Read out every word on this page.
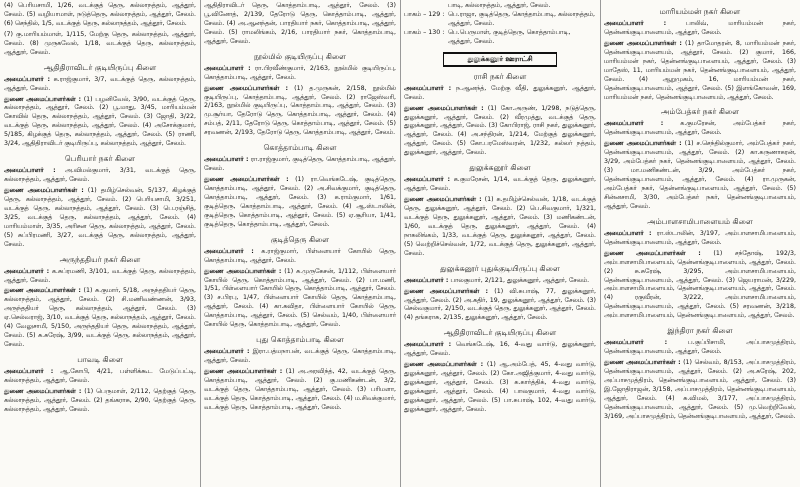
(4) பெரியசாமி, 1/26, வடக்குத் தெரு, கல்லாநத்தம், ஆத்தூர், சேலம். (5) வழியாமாள், நடுத்தெரு, கல்லாநத்தம், ஆத்தூர், சேலம். (6) செந்தில், 1/5, வடக்குத் தெரு, கல்லாநத்தம், ஆத்தூர், சேலம்.

(7) கு.மாரியம்மாள், 1/115, மேற்கு தெரு, கல்லாநத்தம், ஆத்தூர், சேலம். (8) முருகவேல், 1/18, வடக்குத் தெரு, கல்லாநத்தம், ஆத்தூர், சேலம்.

ஆதிதிராவிடர் குடியிருப்பு கிளை

அமைப்பாளர் : க.ராஜ்குமார், 3/7, வடக்குத் தெரு, கல்லாநத்தம், ஆத்தூர், சேலம்.

துணை அமைப்பாளர்கள் : (1) பழனிவேல், 3/90, வடக்குத் தெரு, கல்லாநத்தம், ஆத்தூர், சேலம். (2) பூ.மாது, 3/45, மாரியம்மன் கோவில் தெரு, கல்லாநத்தம், ஆத்தூர், சேலம். (3) ஜோதி, 3/22, வடக்குத் தெரு, கல்லாநத்தம், ஆத்தூர், சேலம். (4) அசோக்குமார், 5/185, கிழக்குத் தெரு, கல்லாநத்தம், ஆத்தூர், சேலம். (5) ராணி, 3/24, ஆதிதிராவிடர் குடியிருப்பு, கல்லாநத்தம், ஆத்தூர், சேலம்.

பெரியார் நகர் கிளை

அமைப்பாளர் : அ.விமல்குமார், 3/31, வடக்குத் தெரு, கல்லாநத்தம், ஆத்தூர், சேலம்.

துணை அமைப்பாளர்கள் : (1) தமிழ்செல்வன், 5/137, கிழக்குத் தெரு, கல்லாநத்தம், ஆத்தூர், சேலம். (2) பெரியசாமி, 3/251, வடக்குத் தெரு, கல்லாநத்தம், ஆத்தூர், சேலம். (3) பெ.ரஞ்சித், 3/25, வடக்குத் தெரு, கல்லாநத்தம், ஆத்தூர், சேலம். (4) மாரியம்மாள், 3/35, அரிசன தெரு, கல்லாநத்தம், ஆத்தூர், சேலம். (5) சுப்பிரமணி, 3/27, வடக்குத் தெரு, கல்லாநத்தம், ஆத்தூர், சேலம்.

அருந்ததியர் நகர் கிளை

அமைப்பாளர் : க.சுப்ரமணி, 3/101, வடக்குத் தெரு, கல்லாநத்தம், ஆத்தூர், சேலம்.

துணை அமைப்பாளர்கள் : (1) சு.குமார், 5/18, அருந்ததியர் தெரு, கல்லாநத்தம், ஆத்தூர், சேலம். (2) சி.மணிவண்ணன், 3/93, அருந்ததியர் தெரு, கல்லாநத்தம், ஆத்தூர், சேலம். (3) ஏ.செல்வராஜ், 3/10, வடக்குத் தெரு, கல்லாநத்தம், ஆத்தூர், சேலம். (4) வேலுசாமி, 5/150, அருந்ததியர் தெரு, கல்லாநத்தம், ஆத்தூர், சேலம். (5) சு.சுரேஷ், 3/99, வடக்குத் தெரு, கல்லாநத்தம், ஆத்தூர், சேலம்.

பாவடி கிளை

அமைப்பாளர் : ஆ.கோபி, 4/21, பள்ளிக்கூட மேடுப்பட்டி, கல்லாநத்தம், ஆத்தூர், சேலம்.

துணை அமைப்பாளர்கள் : (1) பெருமாள், 2/112, தெற்குத் தெரு, கல்லாநத்தம், ஆத்தூர், சேலம். (2) தங்கராசு, 2/90, தெற்குத் தெரு, கல்லாநத்தம், ஆத்தூர், சேலம்.

ஆதிதிராவிடர் தெரு, கொத்தாம்பாடி, ஆத்தூர், சேலம். (3) பூ.வினோத், 2/139, தேரோடு தெரு, கொத்தாம்பாடி, ஆத்தூர், சேலம். (4) அ.ஆனந்தன், பாரதியார் நகர், கொத்தாம்பாடி, ஆத்தூர், சேலம். (5) ராமலிங்கம், 2/16, பாரதியார் நகர், கொத்தாம்பாடி, ஆத்தூர், சேலம்.

நூல்மில் குடியிருப்பு கிளை

அமைப்பாளர் : ரா.பிரவீண்குமார், 2/163, நூல்மில் குடியிருப்பு, கொத்தாம்பாடி, ஆத்தூர், சேலம்.

துணை அமைப்பாளர்கள் : (1) த.முருகன், 2/158, நூல்மில் குடியிருப்பு, கொத்தாம்பாடி, ஆத்தூர், சேலம். (2) ராஜேஸ்வரி, 2/163, நூல்மில் குடியிருப்பு, கொத்தாம்பாடி, ஆத்தூர், சேலம். (3) மு.சூர்யா, தேரோடு தெரு, கொத்தாம்பாடி, ஆத்தூர், சேலம். (4) சம்பத், 2/11, தேரோடு தெரு, கொத்தாம்பாடி, ஆத்தூர், சேலம். (5) சரவணன், 2/193, தேரோடு தெரு, கொத்தாம்பாடி, ஆத்தூர், சேலம்.

கொத்தாம்பாடி கிளை

அமைப்பாளர் : ரா.ராஜ்குமார், குடித்தெரு, கொத்தாம்பாடி, ஆத்தூர், சேலம்.

துணை அமைப்பாளர்கள் : (1) ரா.வெங்கடேஷ், குடித்தெரு, கொத்தாம்பாடி, ஆத்தூர், சேலம். (2) அ.சிவக்குமார், குடித்தெரு, கொத்தாம்பாடி, ஆத்தூர், சேலம். (3) க.ராம்குமார், 1/61, குடித்தெரு, கொத்தாம்பாடி, ஆத்தூர், சேலம். (4) ஆ.ஸ்டாலின், குடித்தெரு, கொத்தாம்பாடி, ஆத்தூர், சேலம். (5) ஏ.சூரியா, 1/41, குடித்தெரு, கொத்தாம்பாடி, ஆத்தூர், சேலம்.

குடித்தெரு கிளை

அமைப்பாளர் : க.ராஜ்குமார், பிள்ளையார் கோயில் தெரு, கொத்தாம்பாடி, ஆத்தூர், சேலம்.

துணை அமைப்பாளர்கள் : (1) சு.முருகேசன், 1/112, பிள்ளையார் கோயில் தெரு, கொத்தாம்பாடி, ஆத்தூர், சேலம். (2) பா.மணி, 1/51, பிள்ளையார் கோயில் தெரு, கொத்தாம்பாடி, ஆத்தூர், சேலம். (3) ச.பிரபு, 1/47, பிள்ளையார் கோயில் தெரு, கொத்தாம்பாடி, ஆத்தூர், சேலம். (4) கா.கவிதா, பிள்ளையார் கோயில் தெரு, கொத்தாம்பாடி, ஆத்தூர், சேலம். (5) செல்வம், 1/40, பிள்ளையார் கோயில் தெரு, கொத்தாம்பாடி, ஆத்தூர், சேலம்.

புது கொத்தாம்பாடி கிளை

அமைப்பாளர் : இரா.பத்மநாபன், வடக்குத் தெரு, கொத்தாம்பாடி, ஆத்தூர், சேலம்.

துணை அமைப்பாளர்கள் : (1) அ.அரவிந்த், 42, வடக்குத் தெரு, கொத்தாம்பாடி, ஆத்தூர், சேலம். (2) கு.மணிகண்டன், 3/2, வடக்குத் தெரு, கொத்தாம்பாடி, ஆத்தூர், சேலம். (3) பரிமளா, வடக்குத் தெரு, கொத்தாம்பாடி, ஆத்தூர், சேலம். (4) ம.சிவக்குமார், வடக்குத் தெரு, கொத்தாம்பாடி, ஆத்தூர், சேலம்.

	பாடி, கல்லாநத்தம், ஆத்தூர், சேலம்.
பாகம் – 129 :	பெ.ராஜா, குடித்தெரு, கொத்தாம்பாடி, கல்லாநத்தம், ஆத்தூர், சேலம்.
பாகம் – 130 :	பெ.பெருமாள், குடித்தெரு, கொத்தாம்பாடி, ஆத்தூர், சேலம்.
துலுக்கனூர் ஊராட்சி
ராசி நகர் கிளை

அமைப்பாளர் : ந.ஆனந்த், மேற்கு வீதி, துலுக்கனூர், ஆத்தூர், சேலம்.

துணை அமைப்பாளர்கள் : (1) கோ.அருண், 1/298, நடுத்தெரு, துலுக்கனூர், ஆத்தூர், சேலம். (2) வீரமுத்து, வடக்குத் தெரு, துலுக்கனூர், ஆத்தூர், சேலம். (3) கோபிராஜ், ராசி நகர், துலுக்கனூர், ஆத்தூர், சேலம். (4) அ.சந்திரன், 1/214, மேற்குத் துலுக்கனூர், ஆத்தூர், சேலம். (5) கோ.பரமேஸ்வரன், 1/232, கல்லர் நத்தம், துலுக்கனூர், ஆத்தூர், சேலம்.

துலுக்கனூர் கிளை

அமைப்பாளர் : க.குமரேசன், 1/14, வடக்குத் தெரு, துலுக்கனூர், ஆத்தூர், சேலம்.

துணை அமைப்பாளர்கள் : (1) க.தமிழ்ச்செல்வன், 1/18, வடக்குத் தெரு, துலுக்கனூர், ஆத்தூர், சேலம். (2) பெ.சிவகுமார், 1/321, வடக்குத் தெரு, துலுக்கனூர், ஆத்தூர், சேலம். (3) மணிகண்டன், 1/60, வடக்குத் தெரு, துலுக்கனூர், ஆத்தூர், சேலம். (4) நாகலிங்கம், 1/33, வடக்குத் தெரு, துலுக்கனூர், ஆத்தூர், சேலம். (5) வெற்றிச்செல்வன், 1/72, வடக்குத் தெரு, துலுக்கனூர், ஆத்தூர், சேலம்.

துலுக்கனூர் புதுக்குடியிருப்பு கிளை

அமைப்பாளர் : பாலகுமார், 2/121, துலுக்கனூர், ஆத்தூர், சேலம்.

துணை அமைப்பாளர்கள் : (1) வி.சுபாஷ், 77, துலுக்கனூர், ஆத்தூர், சேலம். (2) அ.கதிர், 19, துலுக்கனூர், ஆத்தூர், சேலம். (3) செல்வகுமார், 2/150, வடக்குத் தெரு, துலுக்கனூர், ஆத்தூர், சேலம். (4) தங்கராசு, 2/135, துலுக்கனூர், ஆத்தூர், சேலம்.

ஆதிதிராவிடர் குடியிருப்பு கிளை

அமைப்பாளர் : வெங்கடேஷ், 16, 4-வது வார்டு, துலுக்கனூர், ஆத்தூர், சேலம்.

துணை அமைப்பாளர்கள் : (1) ஆ.அம்பேத், 45, 4-வது வார்டு, துலுக்கனூர், ஆத்தூர், சேலம். (2) கோ.அஜித்குமார், 4-வது வார்டு, துலுக்கனூர், ஆத்தூர், சேலம். (3) க.கார்த்திக், 4-வது வார்டு, துலுக்கனூர், ஆத்தூர், சேலம். (4) பாலகுமார், 4-வது வார்டு, துலுக்கனூர், ஆத்தூர், சேலம். (5) பா.சுபாஷ், 102, 4-வது வார்டு, துலுக்கனூர், ஆத்தூர், சேலம்.

மாரியம்மன் நகர் கிளை

அமைப்பாளர் :	பாலிவ், மாரியம்மன் நகர், தென்னங்குடிபாளையம், ஆத்தூர், சேலம்.

துணை அமைப்பாளர்கள் : (1) தாமோதரன், 8, மாரியம்மன் நகர், தென்னங்குடிபாளையம், ஆத்தூர், சேலம். (2) குமார், 166, மாரியம்மன் நகர், தென்னங்குடிபாளையம், ஆத்தூர், சேலம். (3) மாதேஸ், 11, மாரியம்மன் நகர், தென்னங்குடிபாளையம், ஆத்தூர், சேலம். (4) ஆறுமுகம், 16, மாரியம்மன் நகர், தென்னங்குடிபாளையம், ஆத்தூர், சேலம். (5) இளங்கோவன், 169, மாரியம்மன் நகர், தென்னங்குடிபாளையம், ஆத்தூர், சேலம்.

அம்பேத்கர் நகர் கிளை

அமைப்பாளர் :	க.குமரேசன், அம்பேத்கர் நகர், தென்னங்குடிபாளையம், ஆத்தூர், சேலம்.

துணை அமைப்பாளர்கள் : (1) ச.செந்தில்குமார், அம்பேத்கர் நகர், தென்னங்குடிபாளையம், ஆத்தூர், சேலம். (2) கா.கருணாகரன், 3/29, அம்பேத்கர் நகர், தென்னங்குடிபாளையம், ஆத்தூர், சேலம். (3) மா.மணிகண்டன், 3/29, அம்பேத்கர் நகர், தென்னங்குடிபாளையம், ஆத்தூர், சேலம். (4) ரா.முருகன், அம்பேத்கர் நகர், தென்னங்குடிபாளையம், ஆத்தூர், சேலம். (5) சின்னசாமி, 3/30, அம்பேத்கர் நகர், தென்னங்குடிபாளையம், ஆத்தூர், சேலம்.

அம்பாளசாமிபாளையம் கிளை

அமைப்பாளர் : ரா.ஸ்டாலின், 3/197, அம்பாளசாமிபாளையம், தென்னங்குடிபாளையம், ஆத்தூர், சேலம்.

துணை அமைப்பாளர்கள் : (1) சந்தோஷ், 192/3, அம்பாளசாமிபாளையம், தென்னங்குடிபாளையம், ஆத்தூர், சேலம். (2) சு.சுரேஷ், 3/295, அம்பாளசாமிபாளையம், தென்னங்குடிபாளையம், ஆத்தூர், சேலம். (3) ஜெயராமன், 3/229, அம்பாளசாமிபாளையம், தென்னங்குடிபாளையம், ஆத்தூர், சேலம். (4) ரகுவீரன், 3/222, அம்பாளசாமிபாளையம், தென்னங்குடிபாளையம், ஆத்தூர், சேலம். (5) சரவணன், 3/218, அம்பாளசாமிபாளையம், தென்னங்குடிபாளையம், ஆத்தூர், சேலம்.

இந்திரா நகர் கிளை

அமைப்பாளர் :	ப.குப்பிசாமி, அப்பாசமுத்திரம், தென்னங்குடிபாளையம், ஆத்தூர், சேலம்.

துணை அமைப்பாளர்கள் : (1) செல்வம், 8/153, அப்பாசமுத்திரம், தென்னங்குடிபாளையம், ஆத்தூர், சேலம். (2) அ.சுரேஷ், 202, அப்பாசமுத்திரம், தென்னங்குடிபாளையம், ஆத்தூர், சேலம். (3) இ.ஜோதிராஜன், 3/158, அப்பாசமுத்திரம், தென்னங்குடிபாளையம், ஆத்தூர், சேலம். (4) சு.விமல், 3/177, அப்பாசமுத்திரம், தென்னங்குடிபாளையம், ஆத்தூர், சேலம். (5) மு.வெற்றிவேல், 3/169, அப்பாசமுத்திரம், தென்னங்குடிபாளையம், ஆத்தூர், சேலம்.
